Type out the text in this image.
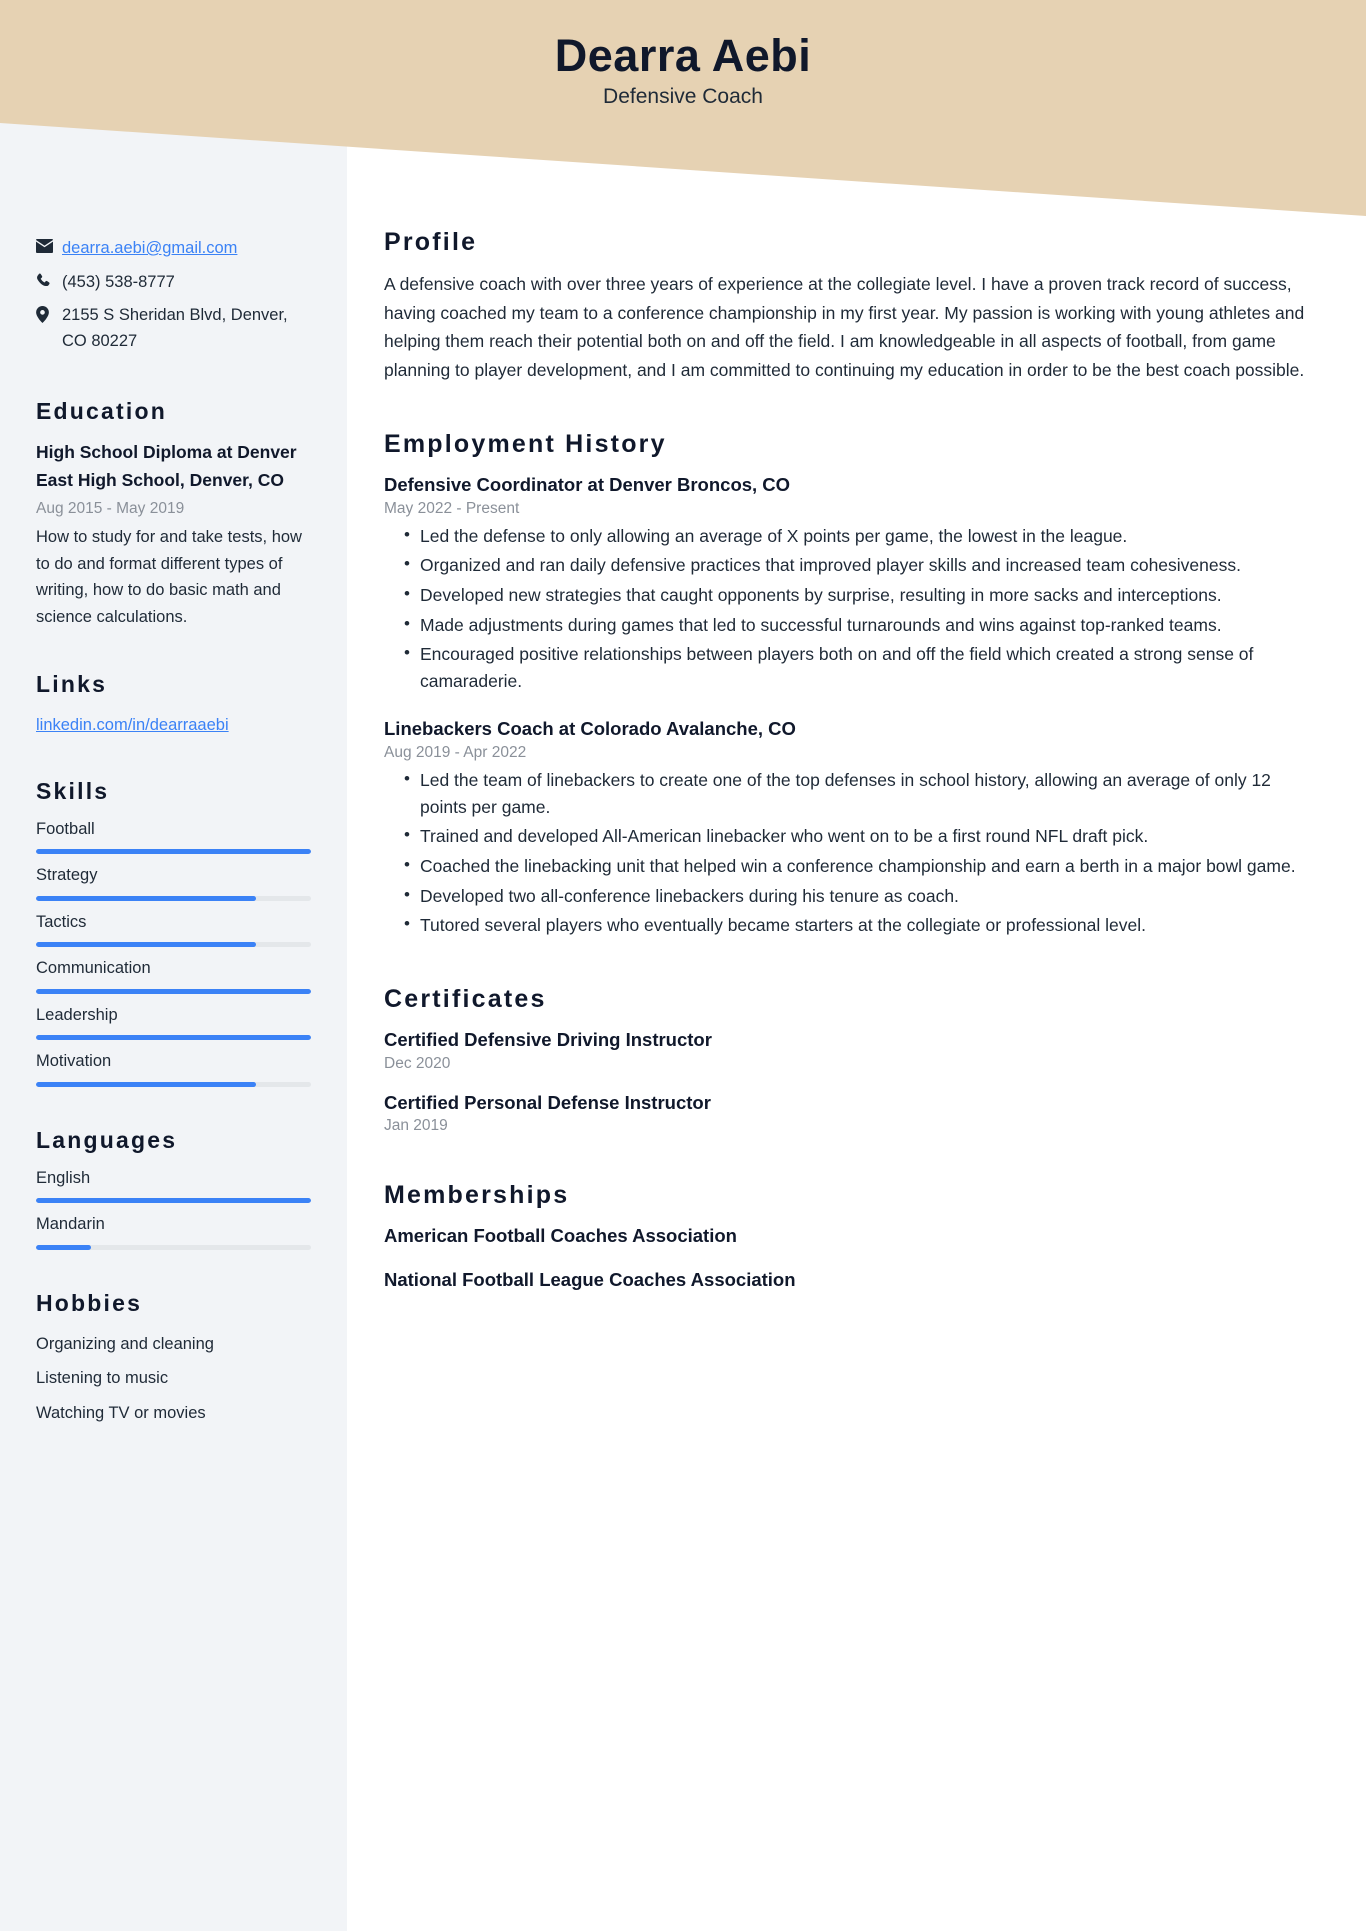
Dearra Aebi
Defensive Coach
dearra.aebi@gmail.com
(453) 538-8777
2155 S Sheridan Blvd, Denver, CO 80227
Education
High School Diploma at Denver East High School, Denver, CO
Aug 2015 - May 2019
How to study for and take tests, how to do and format different types of writing, how to do basic math and science calculations.
Links
linkedin.com/in/dearraaebi
Skills
Football
Strategy
Tactics
Communication
Leadership
Motivation
Languages
English
Mandarin
Hobbies
Organizing and cleaning
Listening to music
Watching TV or movies
Profile
A defensive coach with over three years of experience at the collegiate level. I have a proven track record of success, having coached my team to a conference championship in my first year. My passion is working with young athletes and helping them reach their potential both on and off the field. I am knowledgeable in all aspects of football, from game planning to player development, and I am committed to continuing my education in order to be the best coach possible.
Employment History
Defensive Coordinator at Denver Broncos, CO
May 2022 - Present
• Led the defense to only allowing an average of X points per game, the lowest in the league.
• Organized and ran daily defensive practices that improved player skills and increased team cohesiveness.
• Developed new strategies that caught opponents by surprise, resulting in more sacks and interceptions.
• Made adjustments during games that led to successful turnarounds and wins against top-ranked teams.
• Encouraged positive relationships between players both on and off the field which created a strong sense of camaraderie.
Linebackers Coach at Colorado Avalanche, CO
Aug 2019 - Apr 2022
• Led the team of linebackers to create one of the top defenses in school history, allowing an average of only 12 points per game.
• Trained and developed All-American linebacker who went on to be a first round NFL draft pick.
• Coached the linebacking unit that helped win a conference championship and earn a berth in a major bowl game.
• Developed two all-conference linebackers during his tenure as coach.
• Tutored several players who eventually became starters at the collegiate or professional level.
Certificates
Certified Defensive Driving Instructor
Dec 2020
Certified Personal Defense Instructor
Jan 2019
Memberships
American Football Coaches Association
National Football League Coaches Association
